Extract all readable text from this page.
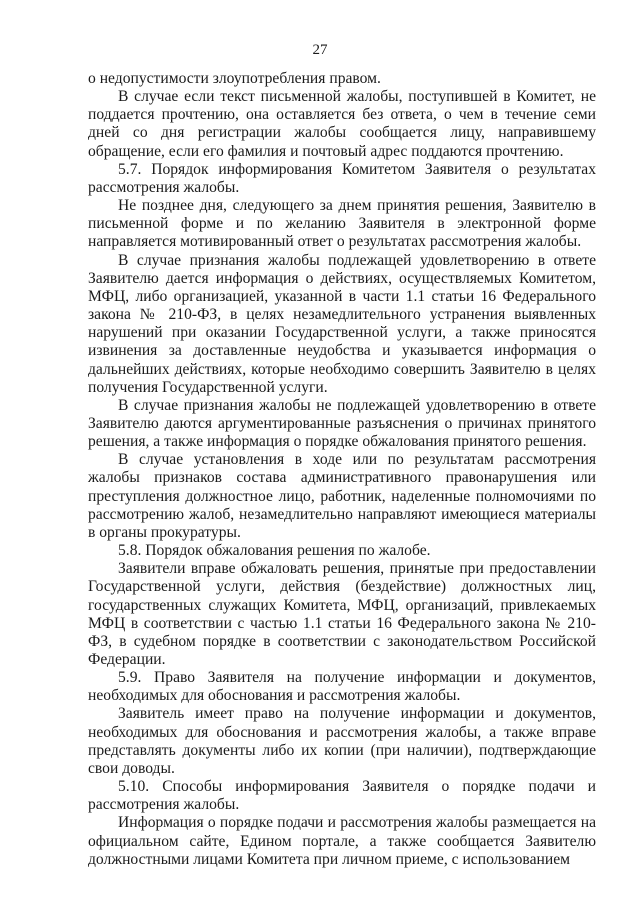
27

о недопустимости злоупотребления правом.

В случае если текст письменной жалобы, поступившей в Комитет, не поддается прочтению, она оставляется без ответа, о чем в течение семи дней со дня регистрации жалобы сообщается лицу, направившему обращение, если его фамилия и почтовый адрес поддаются прочтению.

5.7. Порядок информирования Комитетом Заявителя о результатах рассмотрения жалобы.

Не позднее дня, следующего за днем принятия решения, Заявителю в письменной форме и по желанию Заявителя в электронной форме направляется мотивированный ответ о результатах рассмотрения жалобы.

В случае признания жалобы подлежащей удовлетворению в ответе Заявителю дается информация о действиях, осуществляемых Комитетом, МФЦ, либо организацией, указанной в части 1.1 статьи 16 Федерального закона № 210-ФЗ, в целях незамедлительного устранения выявленных нарушений при оказании Государственной услуги, а также приносятся извинения за доставленные неудобства и указывается информация о дальнейших действиях, которые необходимо совершить Заявителю в целях получения Государственной услуги.

В случае признания жалобы не подлежащей удовлетворению в ответе Заявителю даются аргументированные разъяснения о причинах принятого решения, а также информация о порядке обжалования принятого решения.

В случае установления в ходе или по результатам рассмотрения жалобы признаков состава административного правонарушения или преступления должностное лицо, работник, наделенные полномочиями по рассмотрению жалоб, незамедлительно направляют имеющиеся материалы в органы прокуратуры.

5.8. Порядок обжалования решения по жалобе.

Заявители вправе обжаловать решения, принятые при предоставлении Государственной услуги, действия (бездействие) должностных лиц, государственных служащих Комитета, МФЦ, организаций, привлекаемых МФЦ в соответствии с частью 1.1 статьи 16 Федерального закона № 210-ФЗ, в судебном порядке в соответствии с законодательством Российской Федерации.

5.9. Право Заявителя на получение информации и документов, необходимых для обоснования и рассмотрения жалобы.

Заявитель имеет право на получение информации и документов, необходимых для обоснования и рассмотрения жалобы, а также вправе представлять документы либо их копии (при наличии), подтверждающие свои доводы.

5.10. Способы информирования Заявителя о порядке подачи и рассмотрения жалобы.

Информация о порядке подачи и рассмотрения жалобы размещается на официальном сайте, Едином портале, а также сообщается Заявителю должностными лицами Комитета при личном приеме, с использованием
